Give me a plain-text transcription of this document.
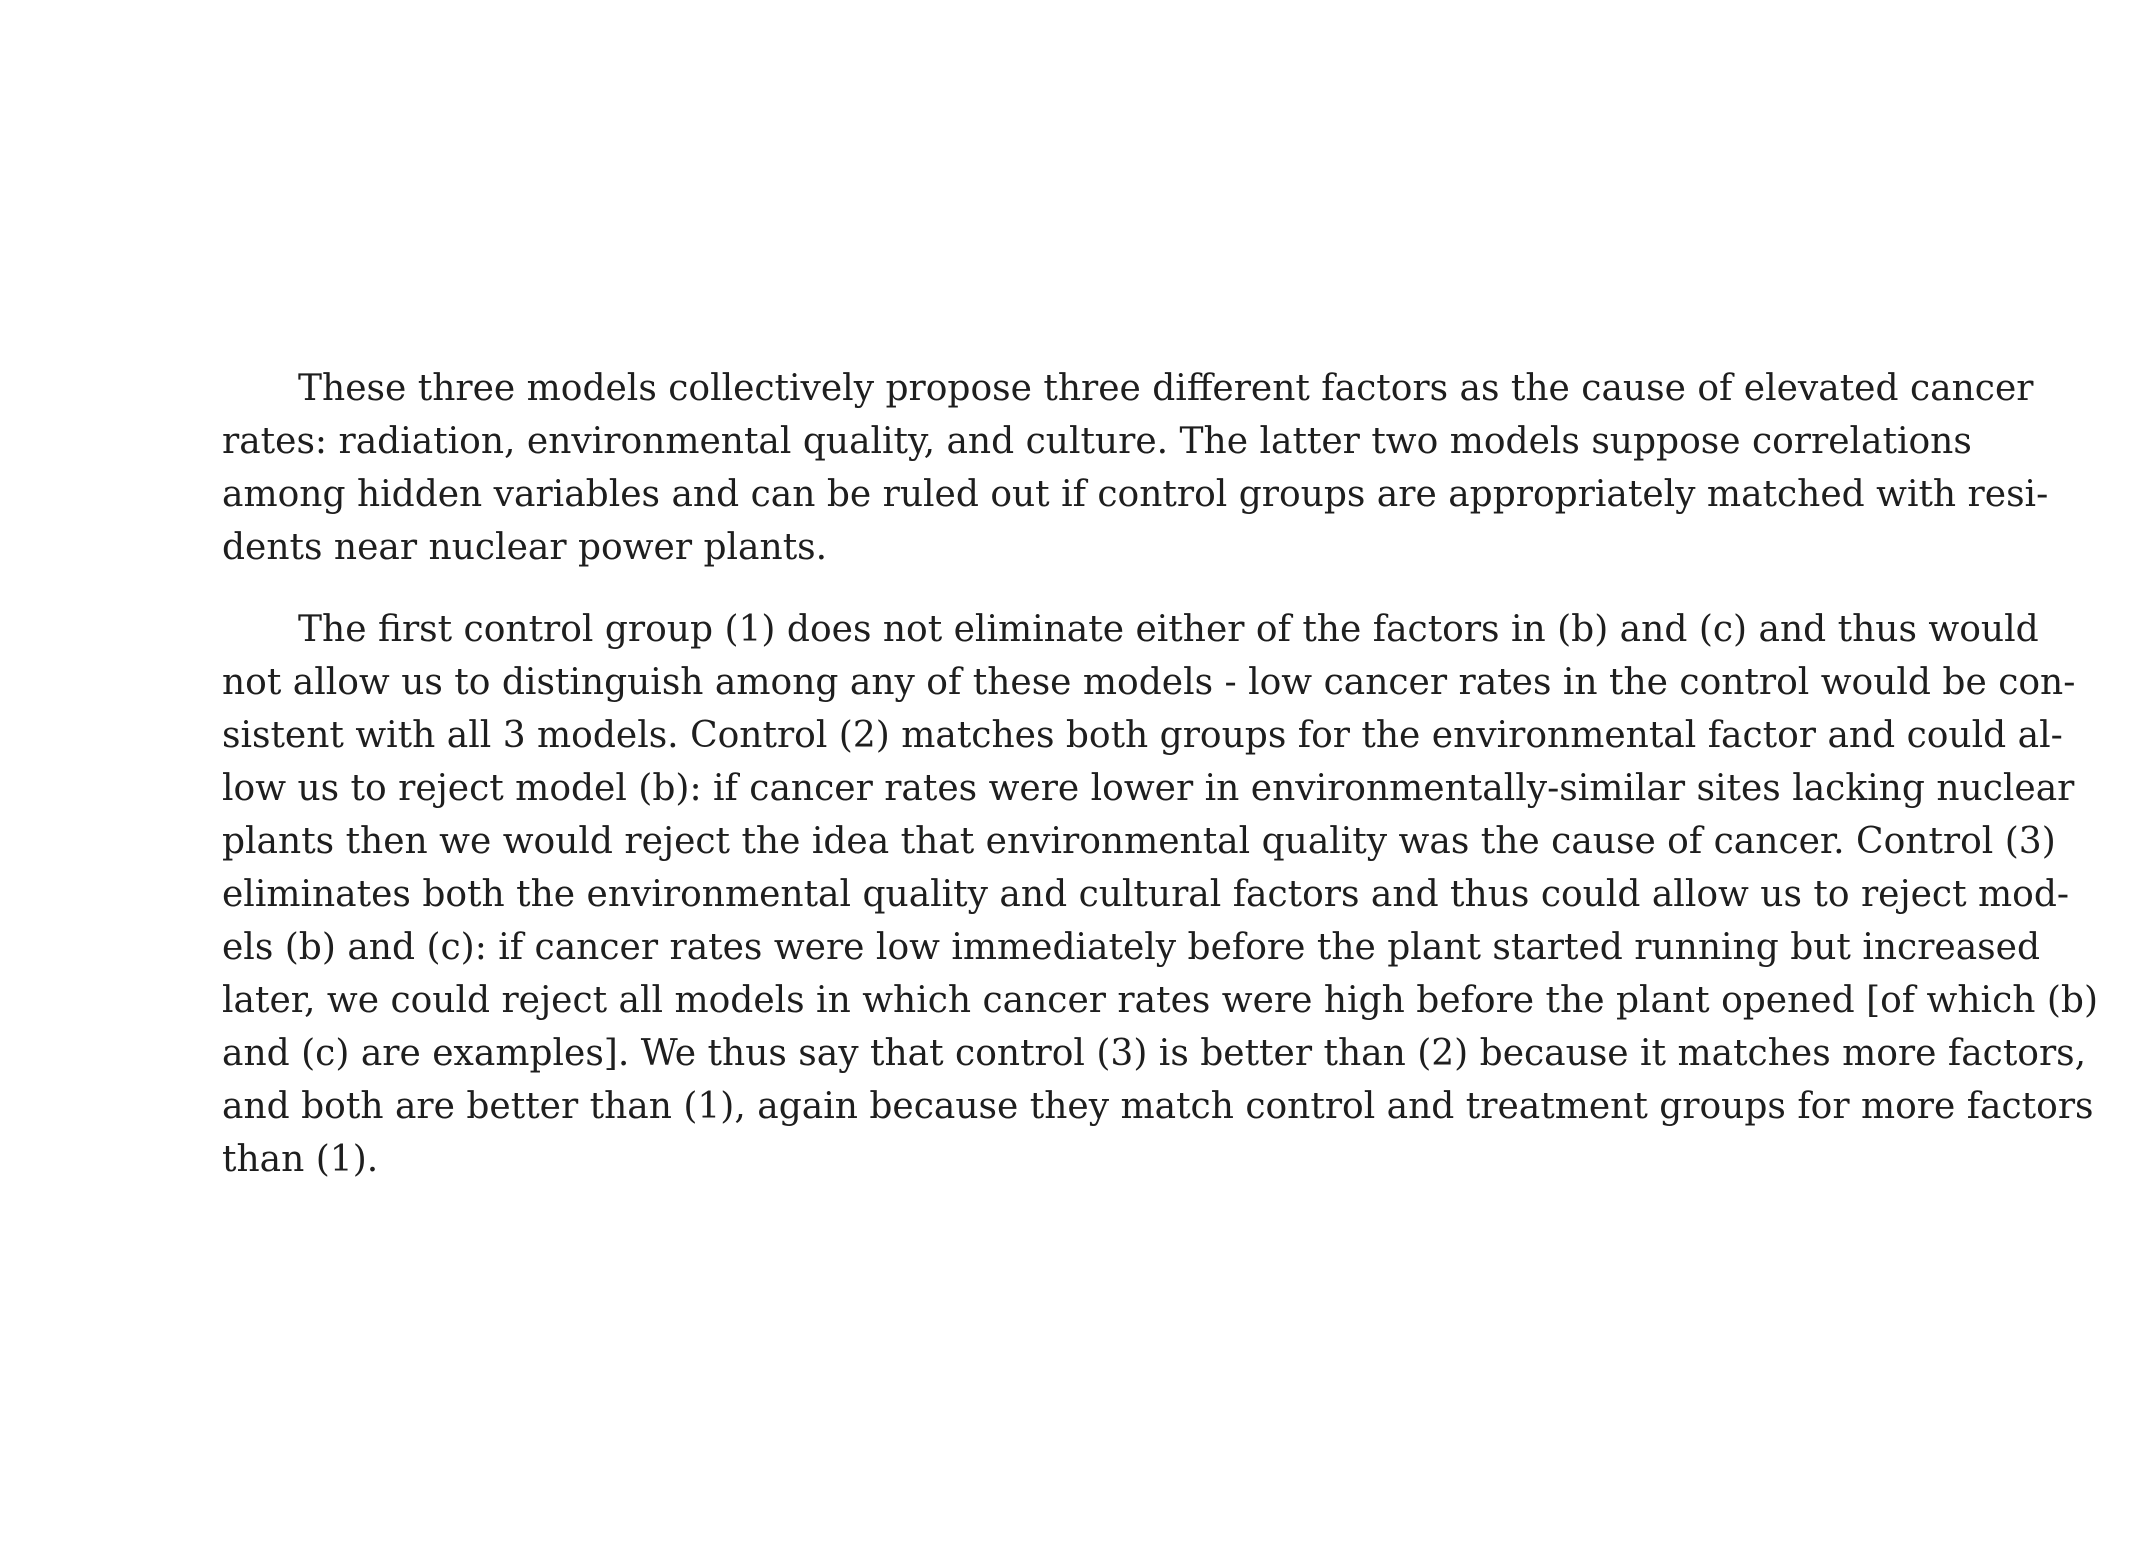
These three models collectively propose three different factors as the cause of elevated cancer
rates: radiation, environmental quality, and culture. The latter two models suppose correlations
among hidden variables and can be ruled out if control groups are appropriately matched with resi-
dents near nuclear power plants.

The first control group (1) does not eliminate either of the factors in (b) and (c) and thus would
not allow us to distinguish among any of these models - low cancer rates in the control would be con-
sistent with all 3 models. Control (2) matches both groups for the environmental factor and could al-
low us to reject model (b): if cancer rates were lower in environmentally-similar sites lacking nuclear
plants then we would reject the idea that environmental quality was the cause of cancer. Control (3)
eliminates both the environmental quality and cultural factors and thus could allow us to reject mod-
els (b) and (c): if cancer rates were low immediately before the plant started running but increased
later, we could reject all models in which cancer rates were high before the plant opened [of which (b)
and (c) are examples]. We thus say that control (3) is better than (2) because it matches more factors,
and both are better than (1), again because they match control and treatment groups for more factors
than (1).
